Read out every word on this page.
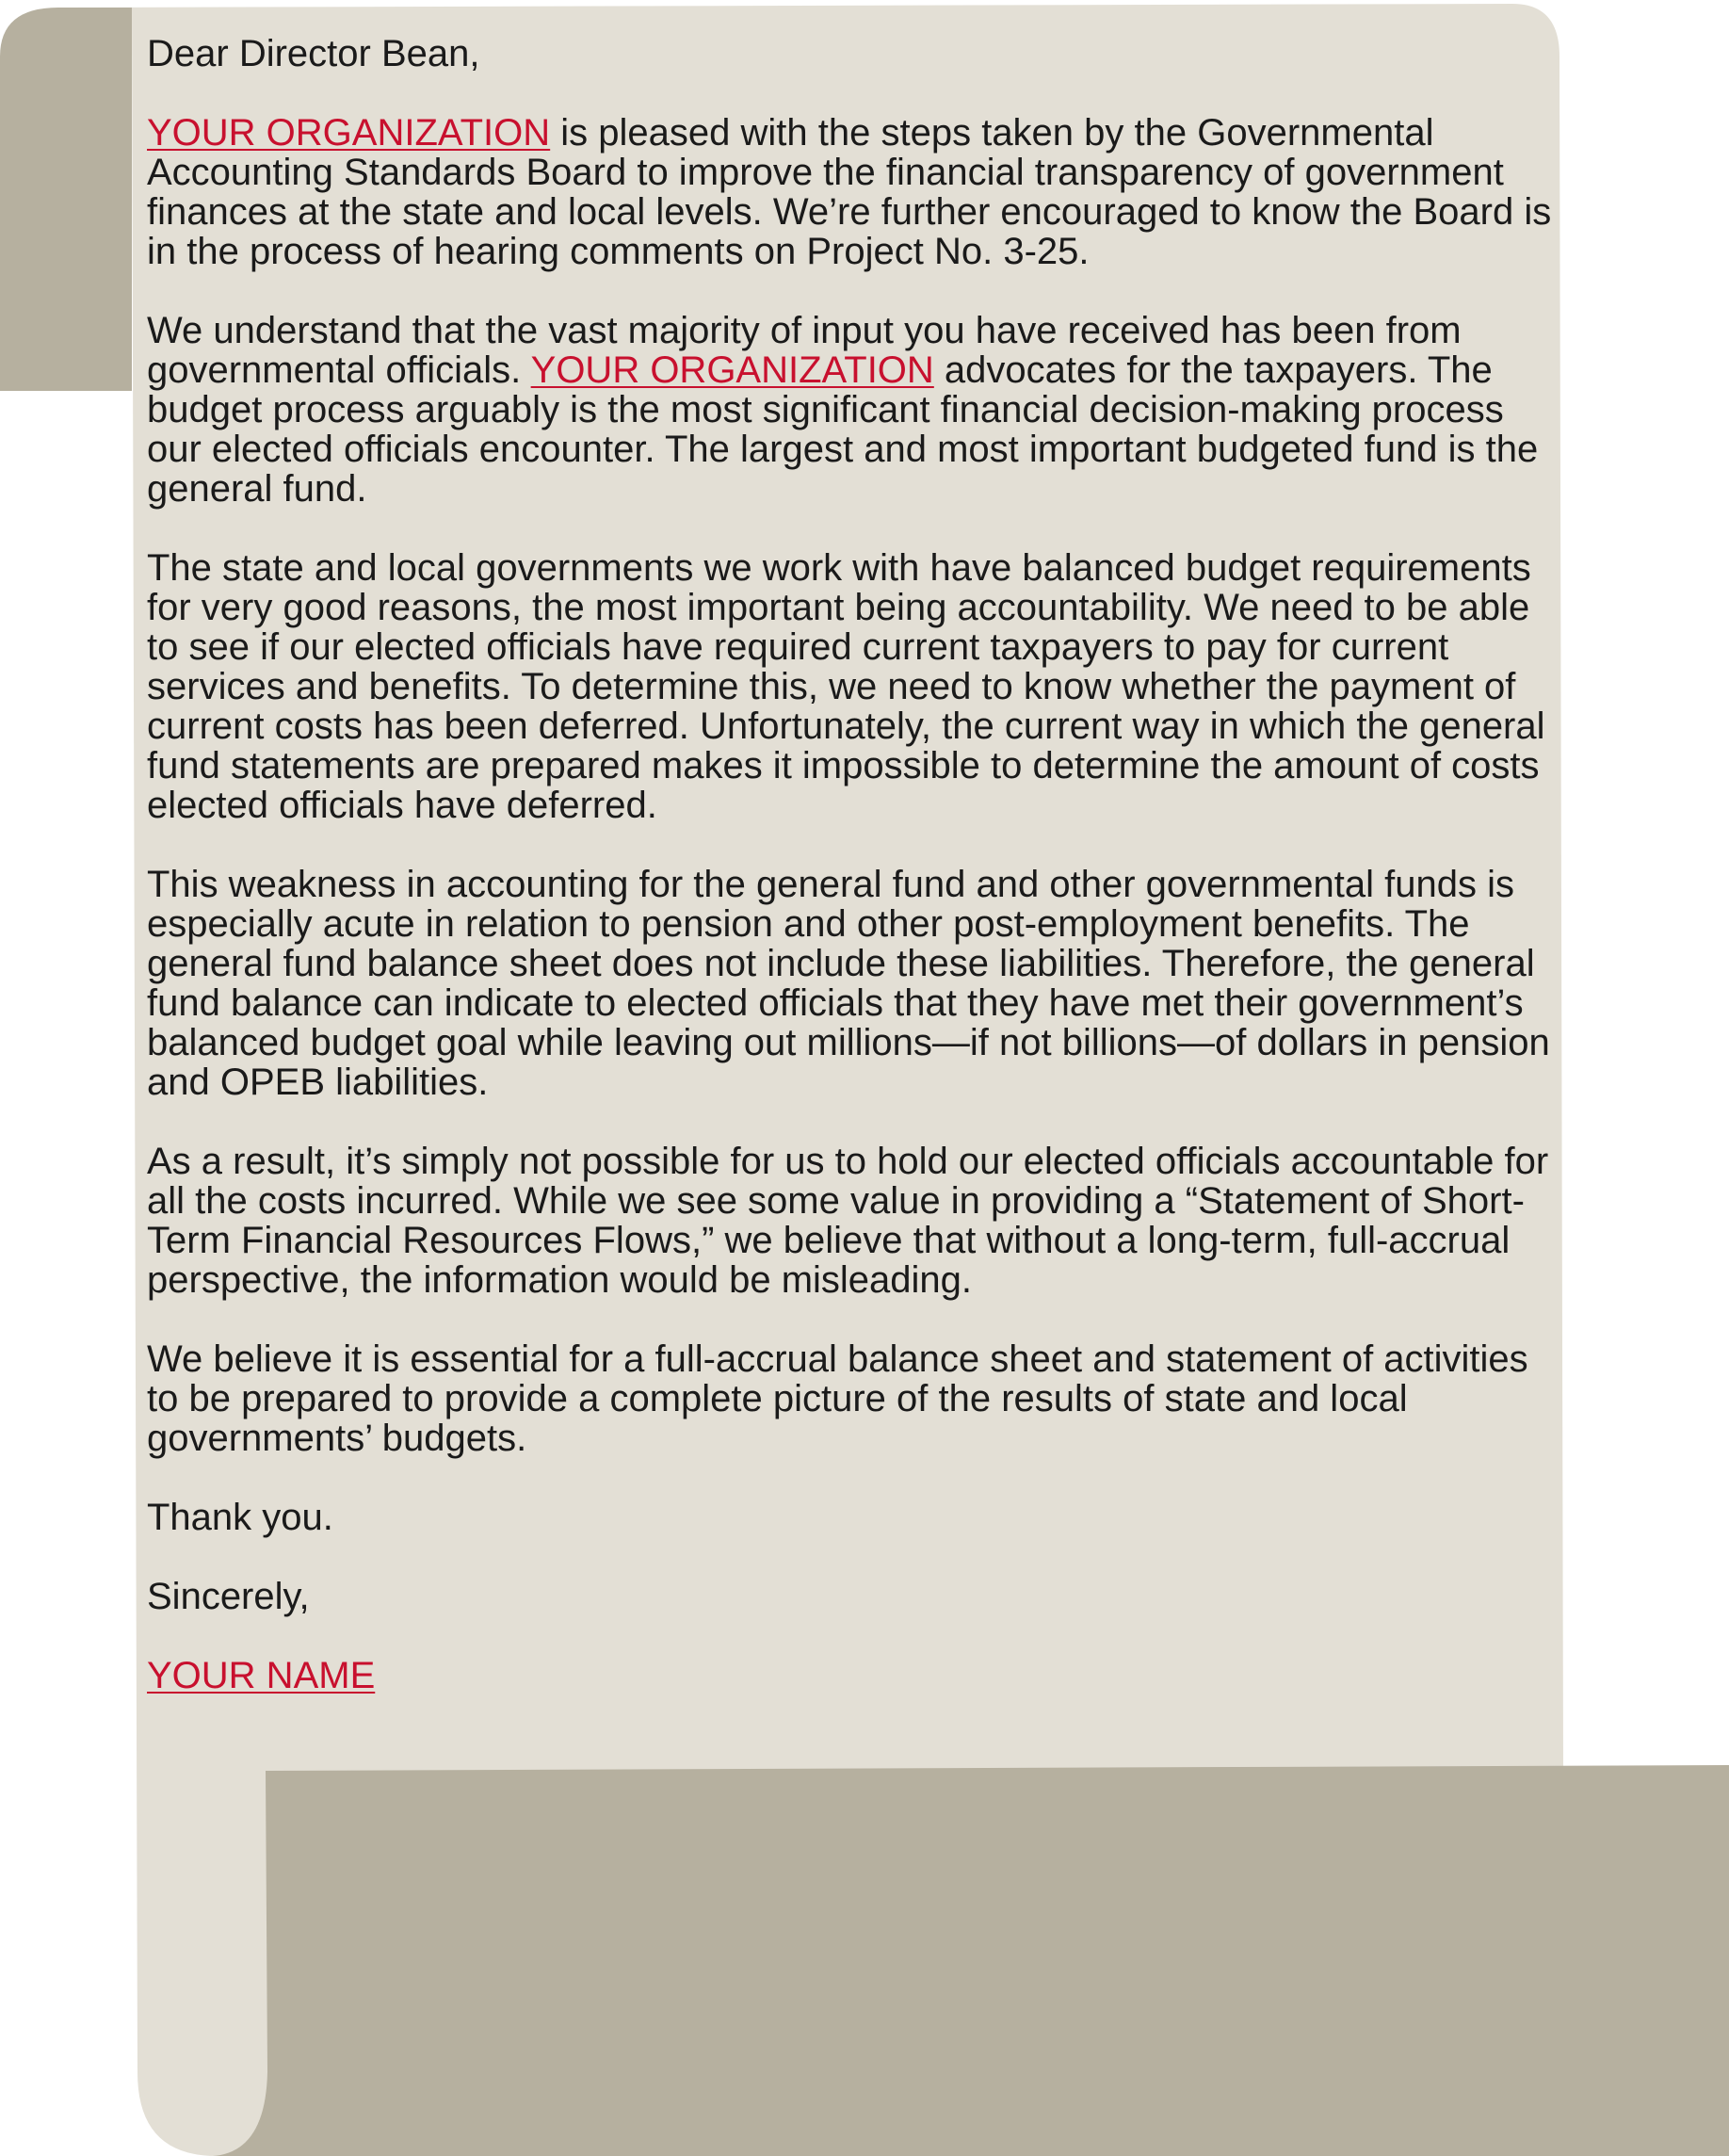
Dear Director Bean,

YOUR ORGANIZATION is pleased with the steps taken by the Governmental Accounting Standards Board to improve the financial transparency of government finances at the state and local levels. We’re further encouraged to know the Board is in the process of hearing comments on Project No. 3-25.

We understand that the vast majority of input you have received has been from governmental officials. YOUR ORGANIZATION advocates for the taxpayers. The budget process arguably is the most significant financial decision-making process our elected officials encounter. The largest and most important budgeted fund is the general fund.

The state and local governments we work with have balanced budget requirements for very good reasons, the most important being accountability. We need to be able to see if our elected officials have required current taxpayers to pay for current services and benefits. To determine this, we need to know whether the payment of current costs has been deferred. Unfortunately, the current way in which the general fund statements are prepared makes it impossible to determine the amount of costs elected officials have deferred.

This weakness in accounting for the general fund and other governmental funds is especially acute in relation to pension and other post-employment benefits. The general fund balance sheet does not include these liabilities. Therefore, the general fund balance can indicate to elected officials that they have met their government’s balanced budget goal while leaving out millions—if not billions—of dollars in pension and OPEB liabilities.

As a result, it’s simply not possible for us to hold our elected officials accountable for all the costs incurred. While we see some value in providing a “Statement of Short-Term Financial Resources Flows,” we believe that without a long-term, full-accrual perspective, the information would be misleading.

We believe it is essential for a full-accrual balance sheet and statement of activities to be prepared to provide a complete picture of the results of state and local governments’ budgets.

Thank you.

Sincerely,

YOUR NAME
